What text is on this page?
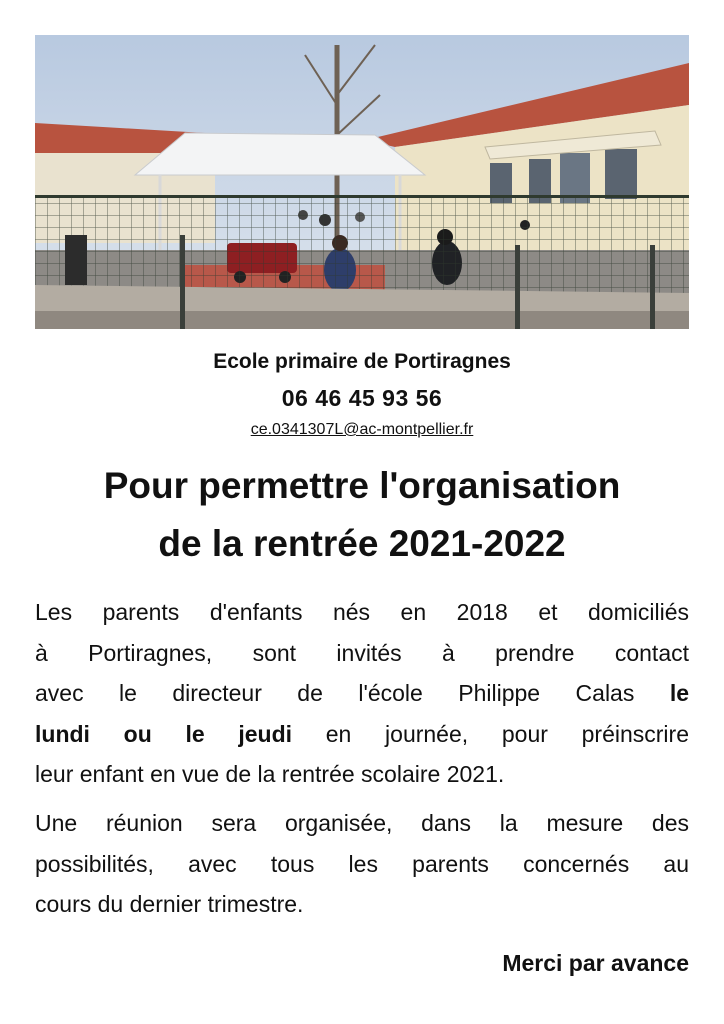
Ecole primaire de Portiragnes
06 46 45 93 56
ce.0341307L@ac-montpellier.fr
Pour permettre l'organisation
de la rentrée 2021-2022
Les parents d'enfants nés en 2018 et domiciliés
à Portiragnes, sont invités à prendre contact
avec le directeur de l'école Philippe Calas le
lundi ou le jeudi en journée, pour préinscrire
leur enfant en vue de la rentrée scolaire 2021.
Une réunion sera organisée, dans la mesure des
possibilités, avec tous les parents concernés au
cours du dernier trimestre.
Merci par avance
